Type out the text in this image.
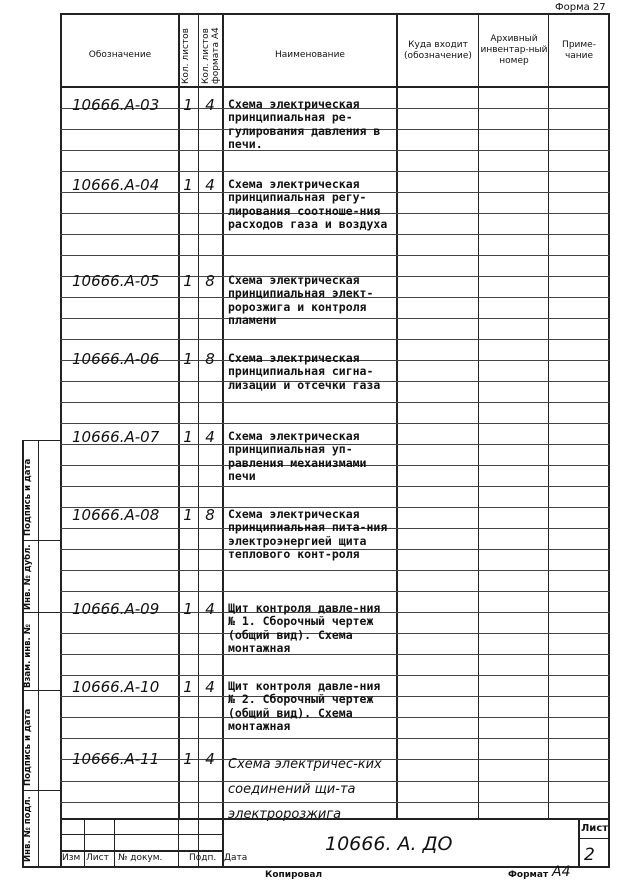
Форма 27
Обозначение	Кол. листов Кол. листов формата А4	Наименование
Куда входит (обозначение)
Архивный инвентар-ный номер
Приме-чание
10666.А-03 1 4	Схема электрическая принципиальная ре-гулирования давления в печи.
10666.А-04 1 4	Схема электрическая принципиальная регу-лирования соотноше-ния расходов газа и воздуха
10666.А-05 1 8	Схема электрическая принципиальная элект-ророзжига и контроля пламени
10666.А-06 1 8	Схема электрическая принципиальная сигна-лизации и отсечки газа
10666.А-07 1 4	Схема электрическая принципиальная уп-равления механизмами печи
10666.А-08 1 8	Схема электрическая принципиальная пита-ния электроэнергией щита теплового конт-роля
10666.А-09 1 4	Щит контроля давле-ния № 1. Сборочный чертеж (общий вид). Схема монтажная
10666.А-10 1 4	Щит контроля давле-ния № 2. Сборочный чертеж (общий вид). Схема монтажная
10666.А-11 1 4	Схема электричес-ких соединений щи-та электророзжига
Подпись и дата
Инв. № дубл.
Взам. инв. №
Подпись и дата
Инв. № подл.	Изм Лист № докум.	Подп. Дата
10666. А. ДО
Лист
2
Копировал	Формат А4
